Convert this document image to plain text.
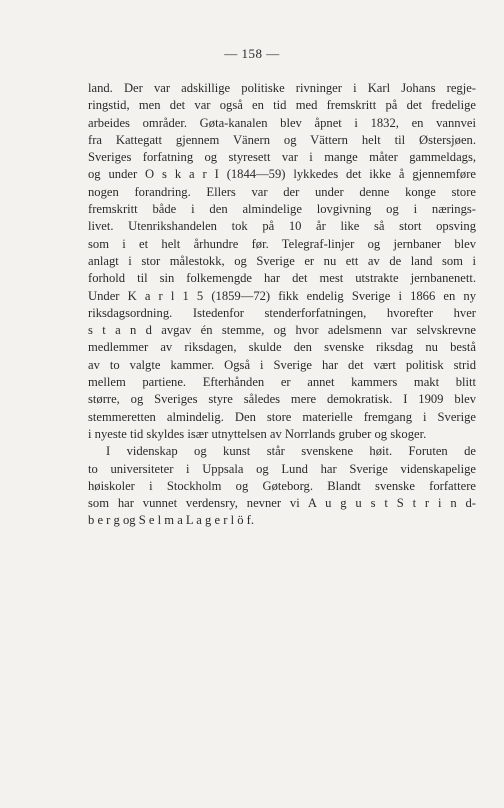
— 158 —
land. Der var adskillige politiske rivninger i Karl Johans regje-
ringstid, men det var også en tid med fremskritt på det fredelige
arbeides områder. Gøta-kanalen blev åpnet i 1832, en vannvei
fra Kattegatt gjennem Vänern og Vättern helt til Østersjøen.
Sveriges forfatning og styresett var i mange måter gammeldags,
og under O s k a r I (1844—59) lykkedes det ikke å gjennemføre
nogen forandring. Ellers var der under denne konge store
fremskritt både i den almindelige lovgivning og i nærings-
livet. Utenrikshandelen tok på 10 år like så stort opsving
som i et helt århundre før. Telegraf-linjer og jernbaner blev
anlagt i stor målestokk, og Sverige er nu ett av de land som i
forhold til sin folkemengde har det mest utstrakte jernbanenett.
Under K a r l 1 5 (1859—72) fikk endelig Sverige i 1866 en ny
riksdagsordning. Istedenfor stenderforfatningen, hvorefter hver
s t a n d avgav én stemme, og hvor adelsmenn var selvskrevne
medlemmer av riksdagen, skulde den svenske riksdag nu bestå
av to valgte kammer. Også i Sverige har det vært politisk strid
mellem partiene. Efterhånden er annet kammers makt blitt
større, og Sveriges styre således mere demokratisk. I 1909 blev
stemmeretten almindelig. Den store materielle fremgang i Sverige
i nyeste tid skyldes især utnyttelsen av Norrlands gruber og skoger.
I videnskap og kunst står svenskene høit. Foruten de
to universiteter i Uppsala og Lund har Sverige videnskapelige
høiskoler i Stockholm og Gøteborg. Blandt svenske forfattere
som har vunnet verdensry, nevner vi A u g u s t S t r i n d-
b e r g og S e l m a L a g e r l ö f.
